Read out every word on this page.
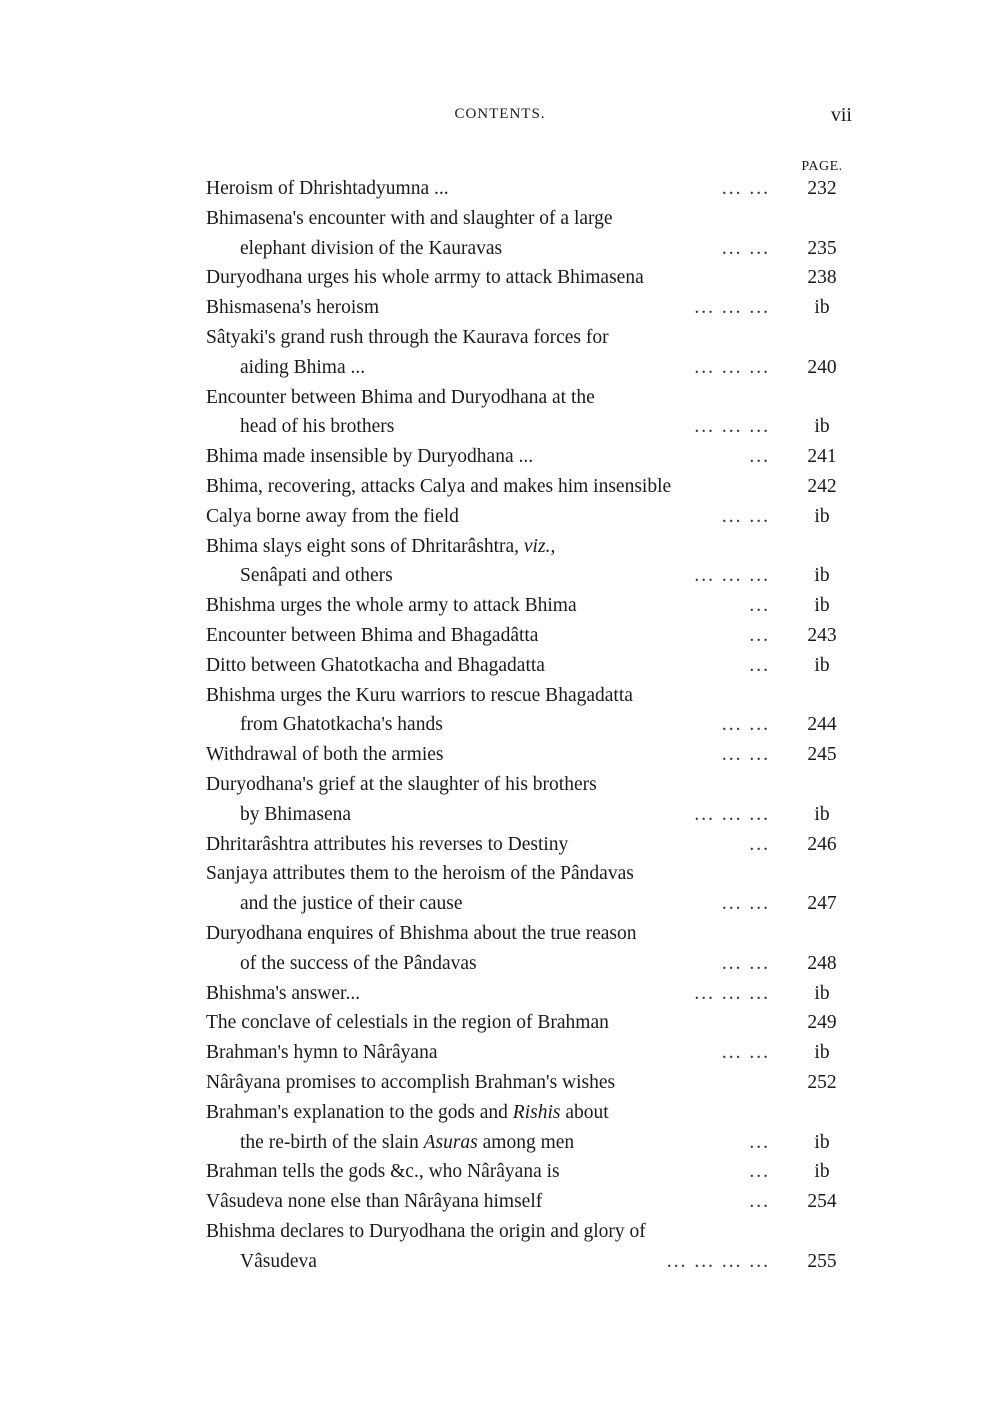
CONTENTS.	vii
PAGE.
Heroism of Dhrishtadyumna ...	... ...	232
Bhimasena's encounter with and slaughter of a large
elephant division of the Kauravas	... ...	235
Duryodhana urges his whole arrmy to attack Bhimasena	238
Bhismasena's heroism	... ... ...	ib
Sâtyaki's grand rush through the Kaurava forces for
aiding Bhima ...	... ... ...	240
Encounter between Bhima and Duryodhana at the
head of his brothers	... ... ...	ib
Bhima made insensible by Duryodhana ...	...	241
Bhima, recovering, attacks Calya and makes him insensible	242
Calya borne away from the field	... ...	ib
Bhima slays eight sons of Dhritarâshtra, viz.,
Senâpati and others	... ... ...	ib
Bhishma urges the whole army to attack Bhima	...	ib
Encounter between Bhima and Bhagadâtta	...	243
Ditto between Ghatotkacha and Bhagadatta	...	ib
Bhishma urges the Kuru warriors to rescue Bhagadatta
from Ghatotkacha's hands	... ...	244
Withdrawal of both the armies	... ...	245
Duryodhana's grief at the slaughter of his brothers
by Bhimasena	... ... ...	ib
Dhritarâshtra attributes his reverses to Destiny	...	246
Sanjaya attributes them to the heroism of the Pândavas
and the justice of their cause	... ...	247
Duryodhana enquires of Bhishma about the true reason
of the success of the Pândavas	... ...	248
Bhishma's answer...	... ... ...	ib
The conclave of celestials in the region of Brahman	249
Brahman's hymn to Nârâyana	... ...	ib
Nârâyana promises to accomplish Brahman's wishes	252
Brahman's explanation to the gods and Rishis about
the re-birth of the slain Asuras among men	...	ib
Brahman tells the gods &c., who Nârâyana is	...	ib
Vâsudeva none else than Nârâyana himself	...	254
Bhishma declares to Duryodhana the origin and glory of
Vâsudeva	... ... ... ...	255
